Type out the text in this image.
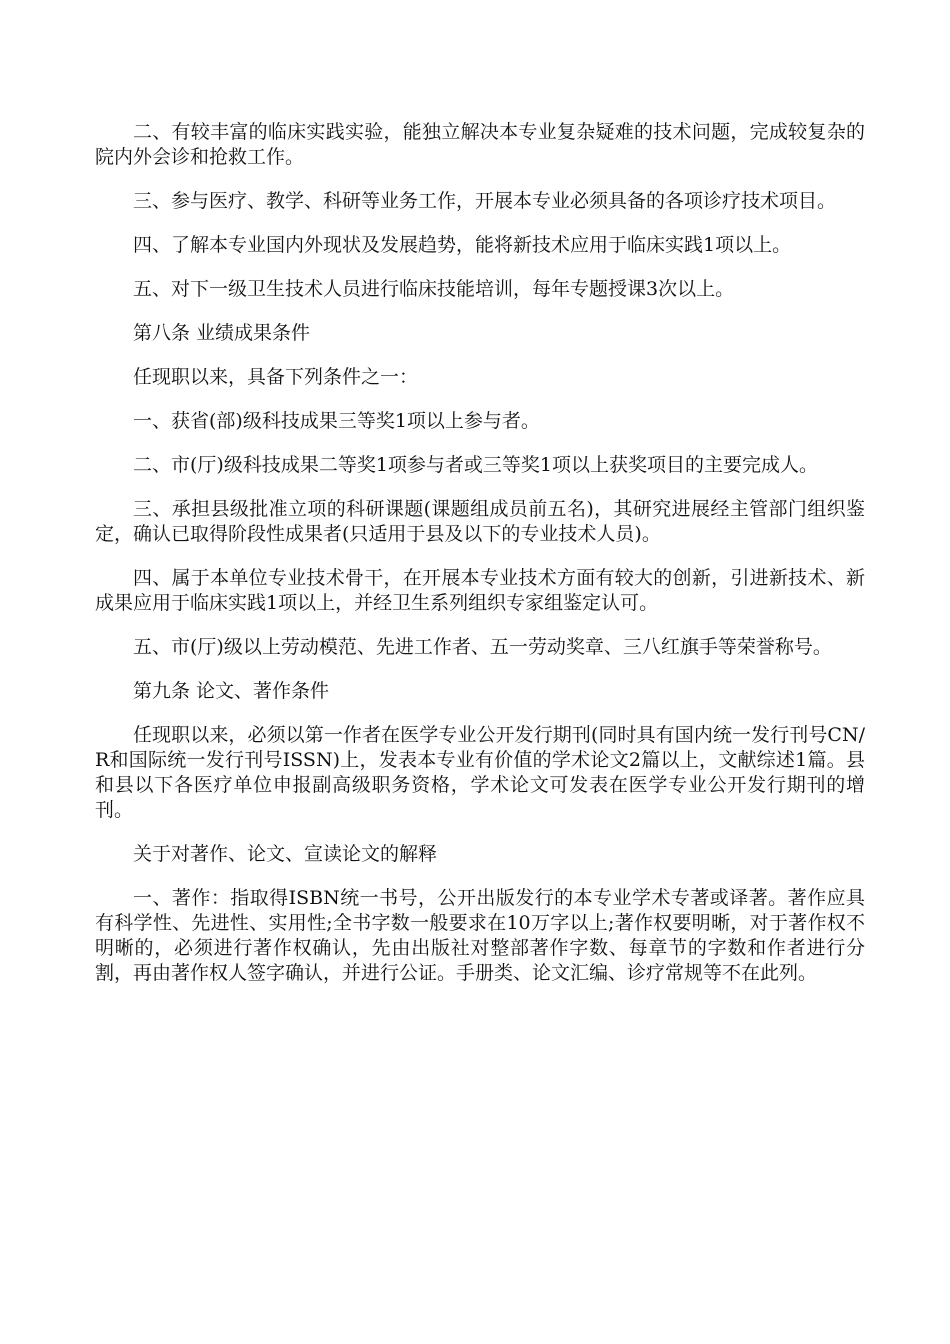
二、有较丰富的临床实践实验，能独立解决本专业复杂疑难的技术问题，完成较复杂的院内外会诊和抢救工作。

三、参与医疗、教学、科研等业务工作，开展本专业必须具备的各项诊疗技术项目。

四、了解本专业国内外现状及发展趋势，能将新技术应用于临床实践1项以上。

五、对下一级卫生技术人员进行临床技能培训，每年专题授课3次以上。

第八条 业绩成果条件

任现职以来，具备下列条件之一：

一、获省(部)级科技成果三等奖1项以上参与者。

二、市(厅)级科技成果二等奖1项参与者或三等奖1项以上获奖项目的主要完成人。

三、承担县级批准立项的科研课题(课题组成员前五名)，其研究进展经主管部门组织鉴定，确认已取得阶段性成果者(只适用于县及以下的专业技术人员)。

四、属于本单位专业技术骨干，在开展本专业技术方面有较大的创新，引进新技术、新成果应用于临床实践1项以上，并经卫生系列组织专家组鉴定认可。

五、市(厅)级以上劳动模范、先进工作者、五一劳动奖章、三八红旗手等荣誉称号。

第九条 论文、著作条件

任现职以来，必须以第一作者在医学专业公开发行期刊(同时具有国内统一发行刊号CN/R和国际统一发行刊号ISSN)上，发表本专业有价值的学术论文2篇以上，文献综述1篇。县和县以下各医疗单位申报副高级职务资格，学术论文可发表在医学专业公开发行期刊的增刊。

关于对著作、论文、宣读论文的解释

一、著作：指取得ISBN统一书号，公开出版发行的本专业学术专著或译著。著作应具有科学性、先进性、实用性;全书字数一般要求在10万字以上;著作权要明晰，对于著作权不明晰的，必须进行著作权确认，先由出版社对整部著作字数、每章节的字数和作者进行分割，再由著作权人签字确认，并进行公证。手册类、论文汇编、诊疗常规等不在此列。
